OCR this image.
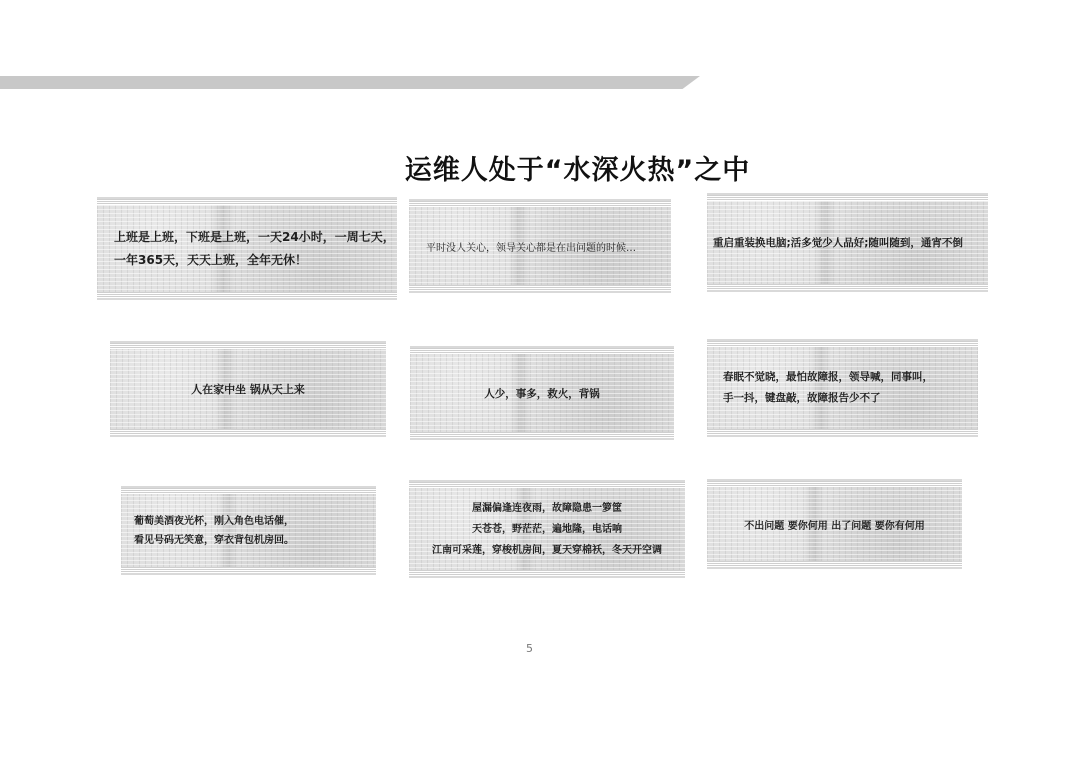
运维人处于“水深火热”之中
上班是上班，下班是上班，一天24小时，一周七天，
一年365天，天天上班，全年无休！
平时没人关心，领导关心都是在出问题的时候…	重启重装换电脑;活多觉少人品好;随叫随到，通宵不倒
人在家中坐 锅从天上来	人少，事多，救火，背锅
春眠不觉晓，最怕故障报，领导喊，同事叫，
手一抖，键盘敲，故障报告少不了
葡萄美酒夜光杯，刚入角色电话催，
看见号码无笑意，穿衣背包机房回。
屋漏偏逢连夜雨，故障隐患一箩筐
天苍苍，野茫茫，遍地隆，电话响
江南可采莲，穿梭机房间，夏天穿棉袄，冬天开空调
不出问题 要你何用 出了问题 要你有何用
5
